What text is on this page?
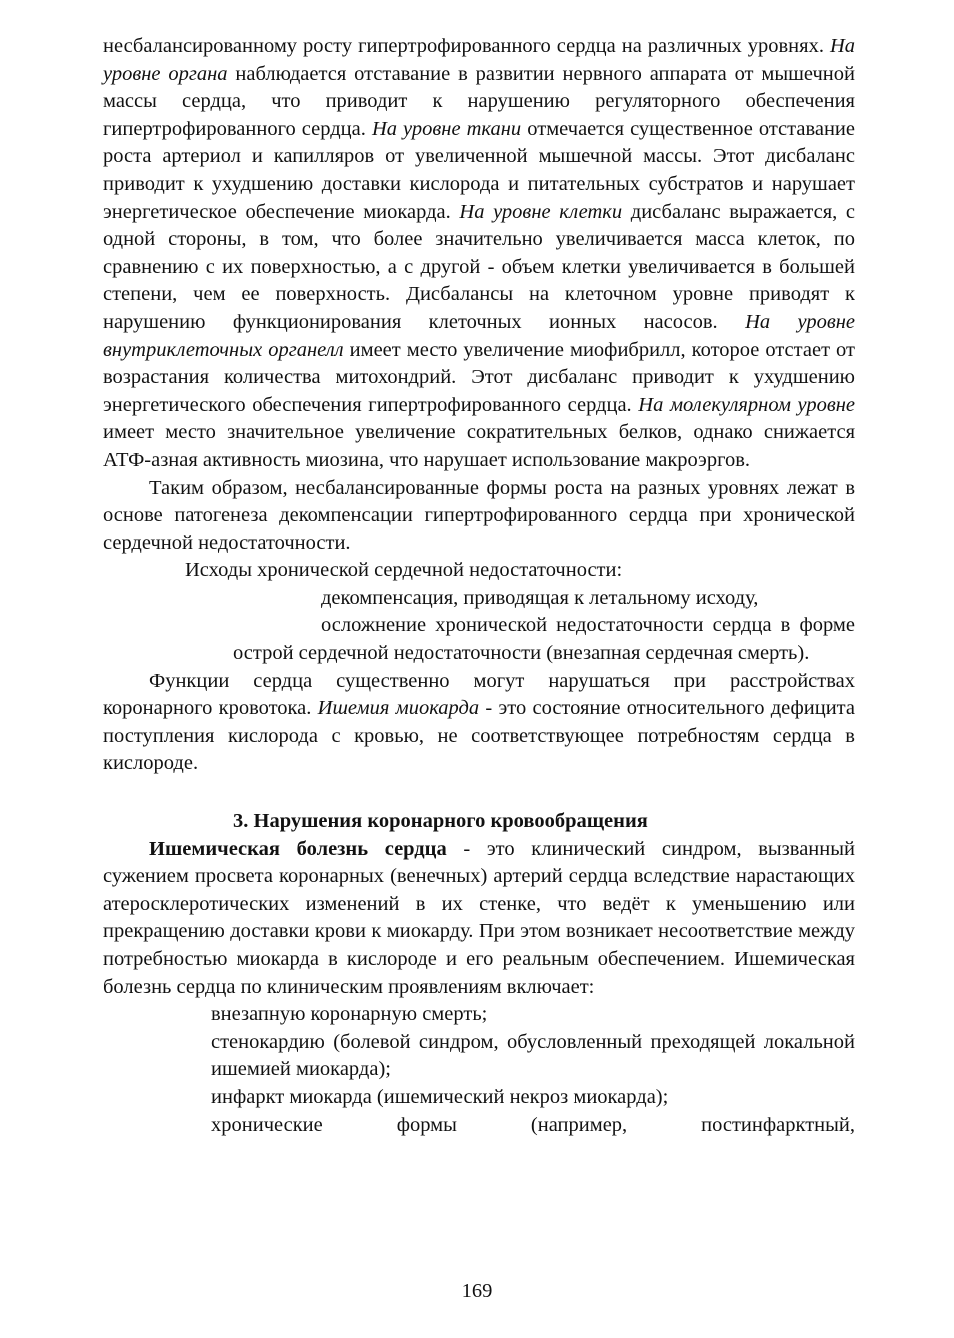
несбалансированному росту гипертрофированного сердца на различных уровнях. На уровне органа наблюдается отставание в развитии нервного аппарата от мышечной массы сердца, что приводит к нарушению регуляторного обеспечения гипертрофированного сердца. На уровне ткани отмечается существенное отставание роста артериол и капилляров от увеличенной мышечной массы. Этот дисбаланс приводит к ухудшению доставки кислорода и питательных субстратов и нарушает энергетическое обеспечение миокарда. На уровне клетки дисбаланс выражается, с одной стороны, в том, что более значительно увеличивается масса клеток, по сравнению с их поверхностью, а с другой - объем клетки увеличивается в большей степени, чем ее поверхность. Дисбалансы на клеточном уровне приводят к нарушению функционирования клеточных ионных насосов. На уровне внутриклеточных органелл имеет место увеличение миофибрилл, которое отстает от возрастания количества митохондрий. Этот дисбаланс приводит к ухудшению энергетического обеспечения гипертрофированного сердца. На молекулярном уровне имеет место значительное увеличение сократительных белков, однако снижается АТФ-азная активность миозина, что нарушает использование макроэргов.

Таким образом, несбалансированные формы роста на разных уровнях лежат в основе патогенеза декомпенсации гипертрофированного сердца при хронической сердечной недостаточности.

Исходы хронической сердечной недостаточности:

декомпенсация, приводящая к летальному исходу,

осложнение хронической недостаточности сердца в форме острой сердечной недостаточности (внезапная сердечная смерть).

Функции сердца существенно могут нарушаться при расстройствах коронарного кровотока. Ишемия миокарда - это состояние относительного дефицита поступления кислорода с кровью, не соответствующее потребностям сердца в кислороде.

3. Нарушения коронарного кровообращения

Ишемическая болезнь сердца - это клинический синдром, вызванный сужением просвета коронарных (венечных) артерий сердца вследствие нарастающих атеросклеротических изменений в их стенке, что ведёт к уменьшению или прекращению доставки крови к миокарду. При этом возникает несоответствие между потребностью миокарда в кислороде и его реальным обеспечением. Ишемическая болезнь сердца по клиническим проявлениям включает:

внезапную коронарную смерть;

стенокардию (болевой синдром, обусловленный преходящей локальной ишемией миокарда);

инфаркт миокарда (ишемический некроз миокарда);

хронические формы (например, постинфарктный,

169
